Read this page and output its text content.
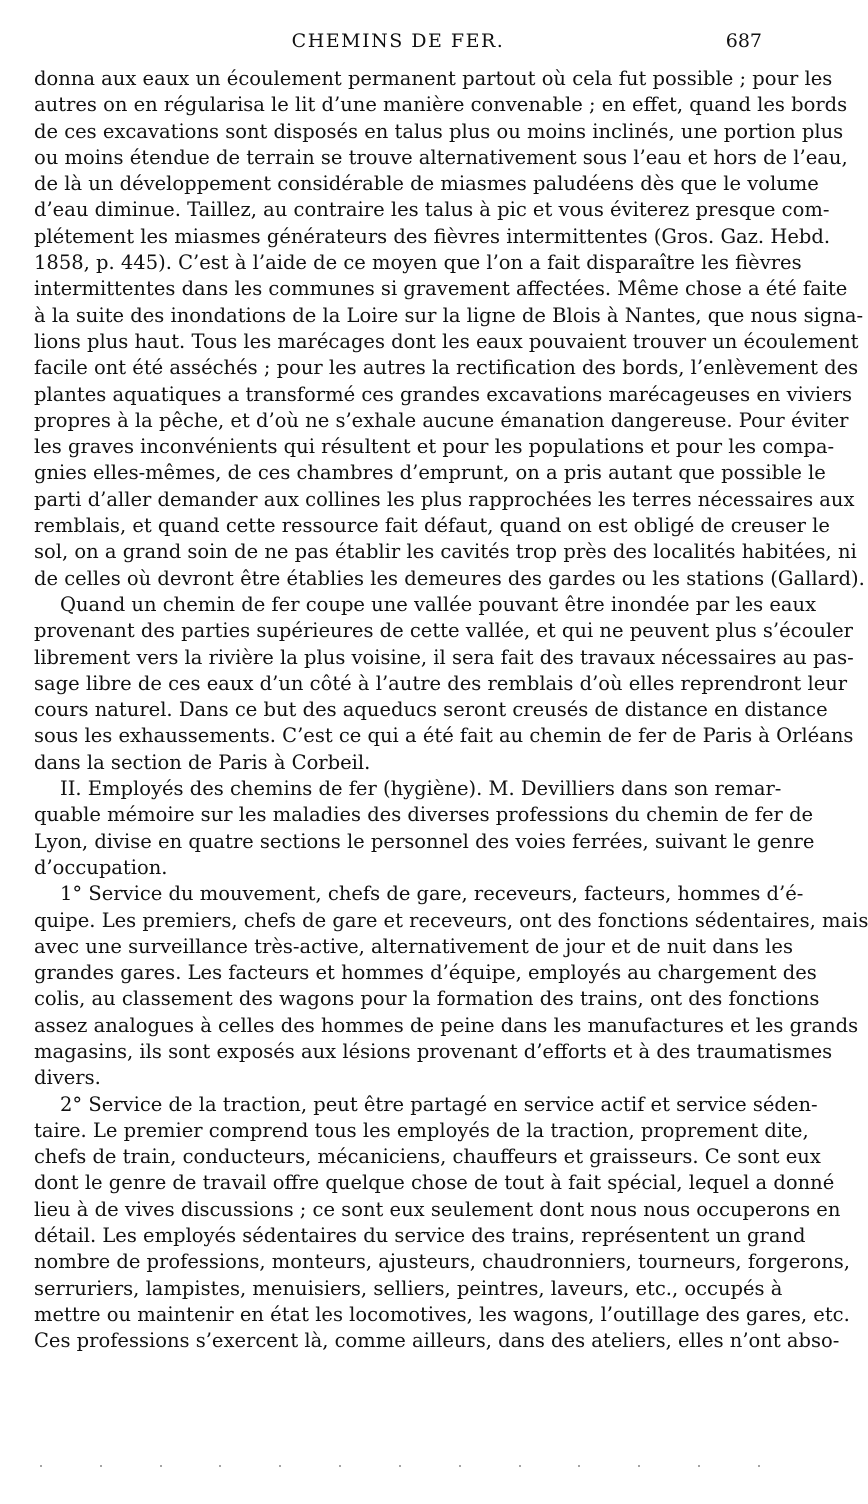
CHEMINS DE FER.	687
donna aux eaux un écoulement permanent partout où cela fut possible ; pour les
autres on en régularisa le lit d’une manière convenable ; en effet, quand les bords
de ces excavations sont disposés en talus plus ou moins inclinés, une portion plus
ou moins étendue de terrain se trouve alternativement sous l’eau et hors de l’eau,
de là un développement considérable de miasmes paludéens dès que le volume
d’eau diminue. Taillez, au contraire les talus à pic et vous éviterez presque com-
plétement les miasmes générateurs des fièvres intermittentes (Gros. Gaz. Hebd.
1858, p. 445). C’est à l’aide de ce moyen que l’on a fait disparaître les fièvres
intermittentes dans les communes si gravement affectées. Même chose a été faite
à la suite des inondations de la Loire sur la ligne de Blois à Nantes, que nous signa-
lions plus haut. Tous les marécages dont les eaux pouvaient trouver un écoulement
facile ont été asséchés ; pour les autres la rectification des bords, l’enlèvement des
plantes aquatiques a transformé ces grandes excavations marécageuses en viviers
propres à la pêche, et d’où ne s’exhale aucune émanation dangereuse. Pour éviter
les graves inconvénients qui résultent et pour les populations et pour les compa-
gnies elles-mêmes, de ces chambres d’emprunt, on a pris autant que possible le
parti d’aller demander aux collines les plus rapprochées les terres nécessaires aux
remblais, et quand cette ressource fait défaut, quand on est obligé de creuser le
sol, on a grand soin de ne pas établir les cavités trop près des localités habitées, ni
de celles où devront être établies les demeures des gardes ou les stations (Gallard).
Quand un chemin de fer coupe une vallée pouvant être inondée par les eaux
provenant des parties supérieures de cette vallée, et qui ne peuvent plus s’écouler
librement vers la rivière la plus voisine, il sera fait des travaux nécessaires au pas-
sage libre de ces eaux d’un côté à l’autre des remblais d’où elles reprendront leur
cours naturel. Dans ce but des aqueducs seront creusés de distance en distance
sous les exhaussements. C’est ce qui a été fait au chemin de fer de Paris à Orléans
dans la section de Paris à Corbeil.
II. Employés des chemins de fer (hygiène). M. Devilliers dans son remar-
quable mémoire sur les maladies des diverses professions du chemin de fer de
Lyon, divise en quatre sections le personnel des voies ferrées, suivant le genre
d’occupation.
1° Service du mouvement, chefs de gare, receveurs, facteurs, hommes d’é-
quipe. Les premiers, chefs de gare et receveurs, ont des fonctions sédentaires, mais
avec une surveillance très-active, alternativement de jour et de nuit dans les
grandes gares. Les facteurs et hommes d’équipe, employés au chargement des
colis, au classement des wagons pour la formation des trains, ont des fonctions
assez analogues à celles des hommes de peine dans les manufactures et les grands
magasins, ils sont exposés aux lésions provenant d’efforts et à des traumatismes
divers.
2° Service de la traction, peut être partagé en service actif et service séden-
taire. Le premier comprend tous les employés de la traction, proprement dite,
chefs de train, conducteurs, mécaniciens, chauffeurs et graisseurs. Ce sont eux
dont le genre de travail offre quelque chose de tout à fait spécial, lequel a donné
lieu à de vives discussions ; ce sont eux seulement dont nous nous occuperons en
détail. Les employés sédentaires du service des trains, représentent un grand
nombre de professions, monteurs, ajusteurs, chaudronniers, tourneurs, forgerons,
serruriers, lampistes, menuisiers, selliers, peintres, laveurs, etc., occupés à
mettre ou maintenir en état les locomotives, les wagons, l’outillage des gares, etc.
Ces professions s’exercent là, comme ailleurs, dans des ateliers, elles n’ont abso-
